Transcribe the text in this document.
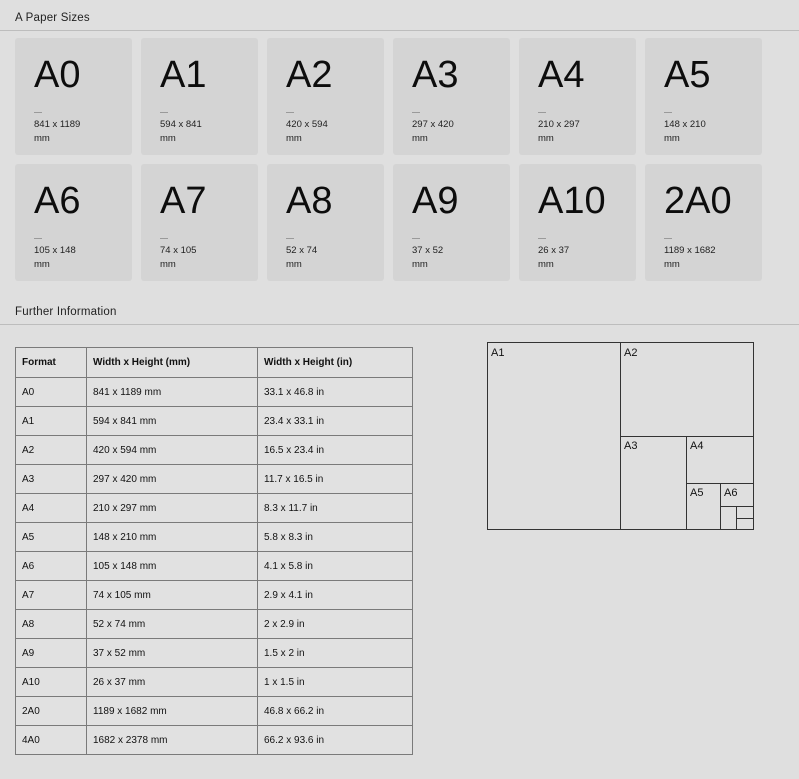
A Paper Sizes
A0
841 x 1189
mm
A1
594 x 841
mm
A2
420 x 594
mm
A3
297 x 420
mm
A4
210 x 297
mm
A5
148 x 210
mm
A6
105 x 148
mm
A7
74 x 105
mm
A8
52 x 74
mm
A9
37 x 52
mm
A10
26 x 37
mm
2A0
1189 x 1682
mm
Further Information
Format	Width x Height (mm)	Width x Height (in)
A0	841 x 1189 mm	33.1 x 46.8 in
A1	594 x 841 mm	23.4 x 33.1 in
A2	420 x 594 mm	16.5 x 23.4 in
A3	297 x 420 mm	11.7 x 16.5 in
A4	210 x 297 mm	8.3 x 11.7 in
A5	148 x 210 mm	5.8 x 8.3 in
A6	105 x 148 mm	4.1 x 5.8 in
A7	74 x 105 mm	2.9 x 4.1 in
A8	52 x 74 mm	2 x 2.9 in
A9	37 x 52 mm	1.5 x 2 in
A10	26 x 37 mm	1 x 1.5 in
2A0	1189 x 1682 mm	46.8 x 66.2 in
4A0	1682 x 2378 mm	66.2 x 93.6 in
A1	A2
A3	A4
A5 A6
